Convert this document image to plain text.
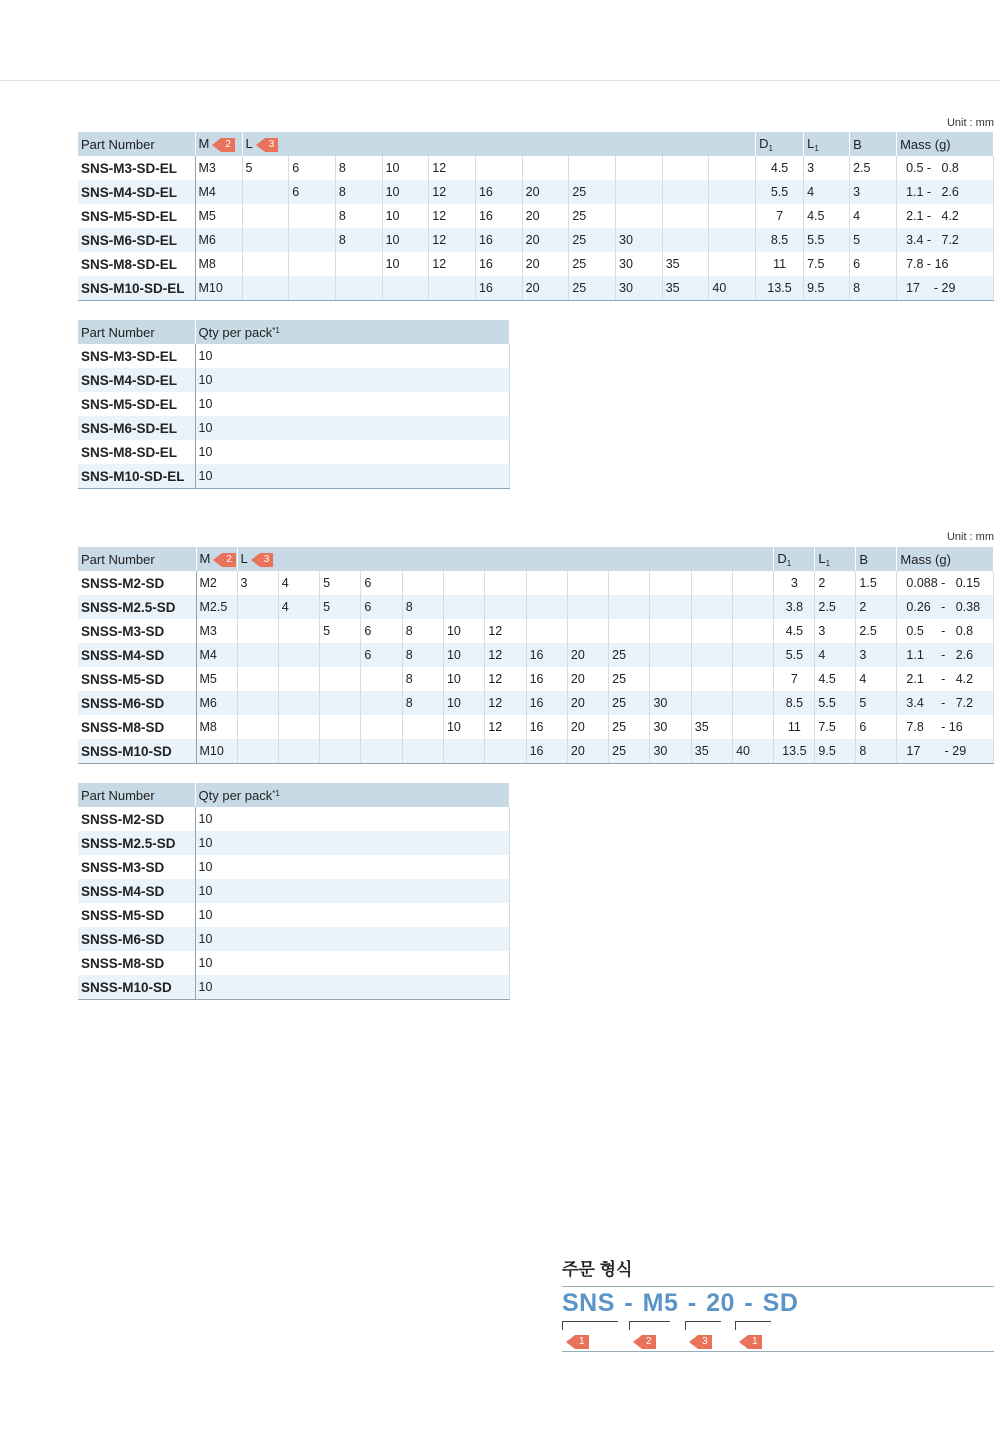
Unit : mm
Part Number	M 2	L 3											$D_1$	$L_1$	B	Mass (g)
SNS-M3-SD-EL	M3	5	6	8	10	12							4.5	3	2.5	0.5 -   0.8
SNS-M4-SD-EL	M4		6	8	10	12	16	20	25				5.5	4	3	1.1 -   2.6
SNS-M5-SD-EL	M5			8	10	12	16	20	25				7	4.5	4	2.1 -   4.2
SNS-M6-SD-EL	M6			8	10	12	16	20	25	30			8.5	5.5	5	3.4 -   7.2
SNS-M8-SD-EL	M8				10	12	16	20	25	30	35		11	7.5	6	7.8 - 16
SNS-M10-SD-EL	M10						16	20	25	30	35	40	13.5	9.5	8	17    - 29
Part Number	Qty per pack$^{*1}$
SNS-M3-SD-EL	10
SNS-M4-SD-EL	10
SNS-M5-SD-EL	10
SNS-M6-SD-EL	10
SNS-M8-SD-EL	10
SNS-M10-SD-EL	10
Unit : mm
Part Number	M 2	L 3													$D_1$	$L_1$	B	Mass (g)
SNSS-M2-SD	M2	3	4	5	6										3	2	1.5	0.088 -   0.15
SNSS-M2.5-SD	M2.5		4	5	6	8									3.8	2.5	2	0.26   -   0.38
SNSS-M3-SD	M3			5	6	8	10	12							4.5	3	2.5	0.5     -   0.8
SNSS-M4-SD	M4				6	8	10	12	16	20	25				5.5	4	3	1.1     -   2.6
SNSS-M5-SD	M5					8	10	12	16	20	25				7	4.5	4	2.1     -   4.2
SNSS-M6-SD	M6					8	10	12	16	20	25	30			8.5	5.5	5	3.4     -   7.2
SNSS-M8-SD	M8						10	12	16	20	25	30	35		11	7.5	6	7.8     - 16
SNSS-M10-SD	M10								16	20	25	30	35	40	13.5	9.5	8	17       - 29
Part Number	Qty per pack$^{*1}$
SNSS-M2-SD	10
SNSS-M2.5-SD	10
SNSS-M3-SD	10
SNSS-M4-SD	10
SNSS-M5-SD	10
SNSS-M6-SD	10
SNSS-M8-SD	10
SNSS-M10-SD	10
주문 형식
SNS - M5 - 20 - SD
1	2	3	1
